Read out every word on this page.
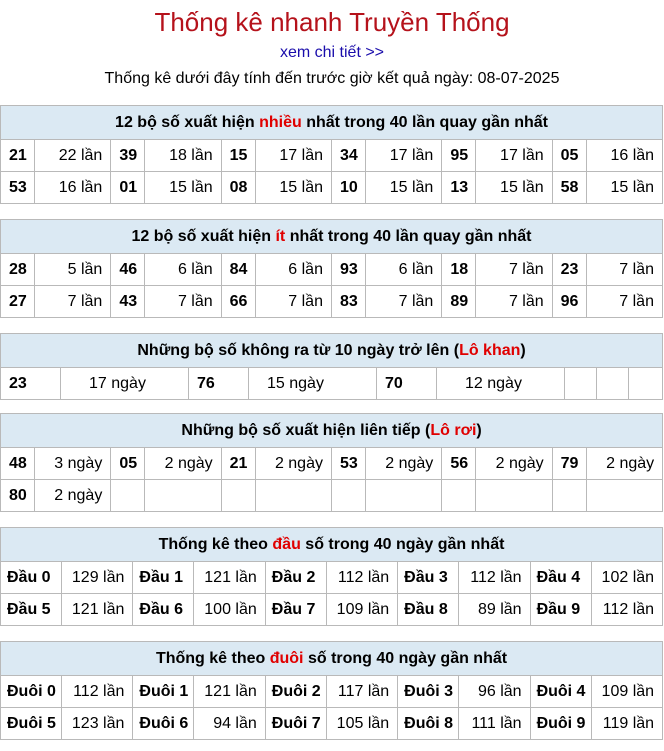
Thống kê nhanh Truyền Thống
xem chi tiết >>
Thống kê dưới đây tính đến trước giờ kết quả ngày: 08-07-2025
12 bộ số xuất hiện nhiều nhất trong 40 lần quay gần nhất											
21	22 lần	39	18 lần	15	17 lần	34	17 lần	95	17 lần	05	16 lần
53	16 lần	01	15 lần	08	15 lần	10	15 lần	13	15 lần	58	15 lần
12 bộ số xuất hiện ít nhất trong 40 lần quay gần nhất											
28	5 lần	46	6 lần	84	6 lần	93	6 lần	18	7 lần	23	7 lần
27	7 lần	43	7 lần	66	7 lần	83	7 lần	89	7 lần	96	7 lần
Những bộ số không ra từ 10 ngày trở lên (Lô khan)
23	17 ngày	76	15 ngày	70	12 ngày			
Những bộ số xuất hiện liên tiếp (Lô rơi)											
48	3 ngày	05	2 ngày	21	2 ngày	53	2 ngày	56	2 ngày	79	2 ngày
80	2 ngày										
Thống kê theo đầu số trong 40 ngày gần nhất									
Đầu 0	129 lần	Đầu 1	121 lần	Đầu 2	112 lần	Đầu 3	112 lần	Đầu 4	102 lần
Đầu 5	121 lần	Đầu 6	100 lần	Đầu 7	109 lần	Đầu 8	89 lần	Đầu 9	112 lần
Thống kê theo đuôi số trong 40 ngày gần nhất									
Đuôi 0	112 lần	Đuôi 1	121 lần	Đuôi 2	117 lần	Đuôi 3	96 lần	Đuôi 4	109 lần
Đuôi 5	123 lần	Đuôi 6	94 lần	Đuôi 7	105 lần	Đuôi 8	111 lần	Đuôi 9	119 lần
